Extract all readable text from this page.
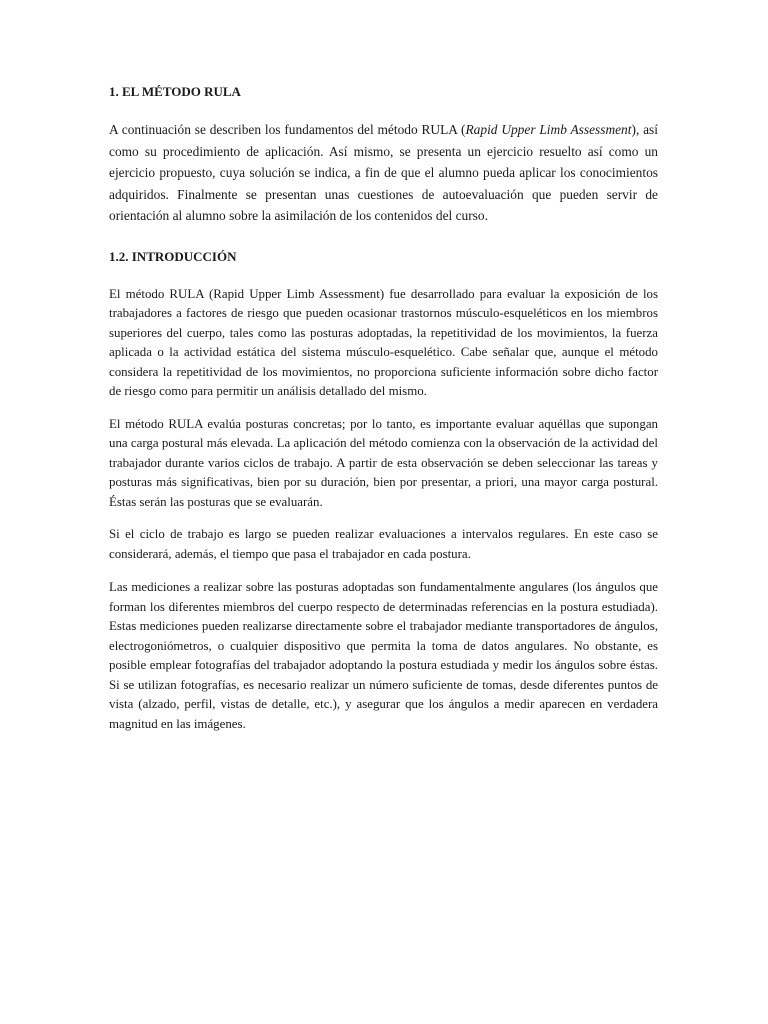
1. EL MÉTODO RULA

A continuación se describen los fundamentos del método RULA (Rapid Upper Limb Assessment), así como su procedimiento de aplicación. Así mismo, se presenta un ejercicio resuelto así como un ejercicio propuesto, cuya solución se indica, a fin de que el alumno pueda aplicar los conocimientos adquiridos. Finalmente se presentan unas cuestiones de autoevaluación que pueden servir de orientación al alumno sobre la asimilación de los contenidos del curso.

1.2. INTRODUCCIÓN

El método RULA (Rapid Upper Limb Assessment) fue desarrollado para evaluar la exposición de los trabajadores a factores de riesgo que pueden ocasionar trastornos músculo-esqueléticos en los miembros superiores del cuerpo, tales como las posturas adoptadas, la repetitividad de los movimientos, la fuerza aplicada o la actividad estática del sistema músculo-esquelético. Cabe señalar que, aunque el método considera la repetitividad de los movimientos, no proporciona suficiente información sobre dicho factor de riesgo como para permitir un análisis detallado del mismo.

El método RULA evalúa posturas concretas; por lo tanto, es importante evaluar aquéllas que supongan una carga postural más elevada. La aplicación del método comienza con la observación de la actividad del trabajador durante varios ciclos de trabajo. A partir de esta observación se deben seleccionar las tareas y posturas más significativas, bien por su duración, bien por presentar, a priori, una mayor carga postural. Éstas serán las posturas que se evaluarán.

Si el ciclo de trabajo es largo se pueden realizar evaluaciones a intervalos regulares. En este caso se considerará, además, el tiempo que pasa el trabajador en cada postura.

Las mediciones a realizar sobre las posturas adoptadas son fundamentalmente angulares (los ángulos que forman los diferentes miembros del cuerpo respecto de determinadas referencias en la postura estudiada). Estas mediciones pueden realizarse directamente sobre el trabajador mediante transportadores de ángulos, electrogoniómetros, o cualquier dispositivo que permita la toma de datos angulares. No obstante, es posible emplear fotografías del trabajador adoptando la postura estudiada y medir los ángulos sobre éstas. Si se utilizan fotografías, es necesario realizar un número suficiente de tomas, desde diferentes puntos de vista (alzado, perfil, vistas de detalle, etc.), y asegurar que los ángulos a medir aparecen en verdadera magnitud en las imágenes.
